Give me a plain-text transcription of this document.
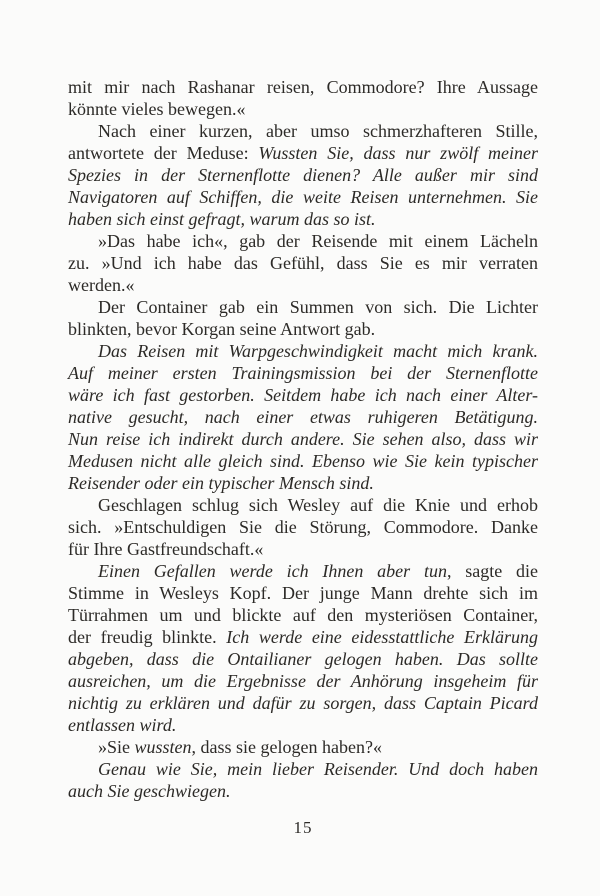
mit mir nach Rashanar reisen, Commodore? Ihre Aussage
könnte vieles bewegen.«
Nach einer kurzen, aber umso schmerzhafteren Stille,
antwortete der Meduse: Wussten Sie, dass nur zwölf meiner
Spezies in der Sternenflotte dienen? Alle außer mir sind
Navigatoren auf Schiffen, die weite Reisen unternehmen. Sie
haben sich einst gefragt, warum das so ist.
»Das habe ich«, gab der Reisende mit einem Lächeln
zu. »Und ich habe das Gefühl, dass Sie es mir verraten
werden.«
Der Container gab ein Summen von sich. Die Lichter
blinkten, bevor Korgan seine Antwort gab.
Das Reisen mit Warpgeschwindigkeit macht mich krank.
Auf meiner ersten Trainingsmission bei der Sternenflotte
wäre ich fast gestorben. Seitdem habe ich nach einer Alter-
native gesucht, nach einer etwas ruhigeren Betätigung.
Nun reise ich indirekt durch andere. Sie sehen also, dass wir
Medusen nicht alle gleich sind. Ebenso wie Sie kein typischer
Reisender oder ein typischer Mensch sind.
Geschlagen schlug sich Wesley auf die Knie und erhob
sich. »Entschuldigen Sie die Störung, Commodore. Danke
für Ihre Gastfreundschaft.«
Einen Gefallen werde ich Ihnen aber tun, sagte die
Stimme in Wesleys Kopf. Der junge Mann drehte sich im
Türrahmen um und blickte auf den mysteriösen Container,
der freudig blinkte. Ich werde eine eidesstattliche Erklärung
abgeben, dass die Ontailianer gelogen haben. Das sollte
ausreichen, um die Ergebnisse der Anhörung insgeheim für
nichtig zu erklären und dafür zu sorgen, dass Captain Picard
entlassen wird.
»Sie wussten, dass sie gelogen haben?«
Genau wie Sie, mein lieber Reisender. Und doch haben
auch Sie geschwiegen.
15
